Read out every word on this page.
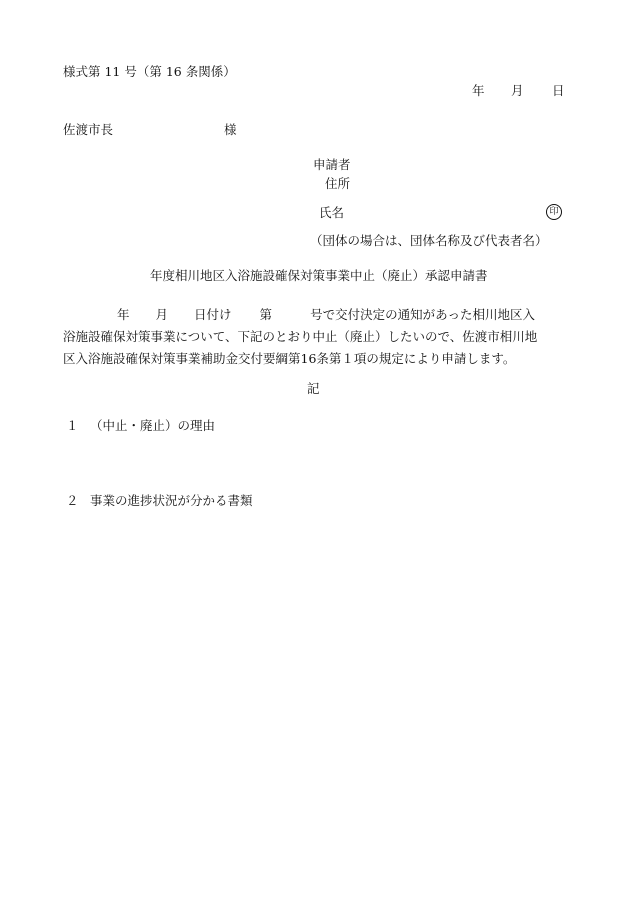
様式第 11 号（第 16 条関係）
年 月 日
佐渡市長	様
申請者
住所
氏名	印
（団体の場合は、団体名称及び代表者名）
年度相川地区入浴施設確保対策事業中止（廃止）承認申請書
年 月 日付け 第	号で交付決定の通知があった相川地区入
浴施設確保対策事業について、下記のとおり中止（廃止）したいので、佐渡市相川地
区入浴施設確保対策事業補助金交付要綱第16条第１項の規定により申請します。
記
１ （中止・廃止）の理由
２ 事業の進捗状況が分かる書類
